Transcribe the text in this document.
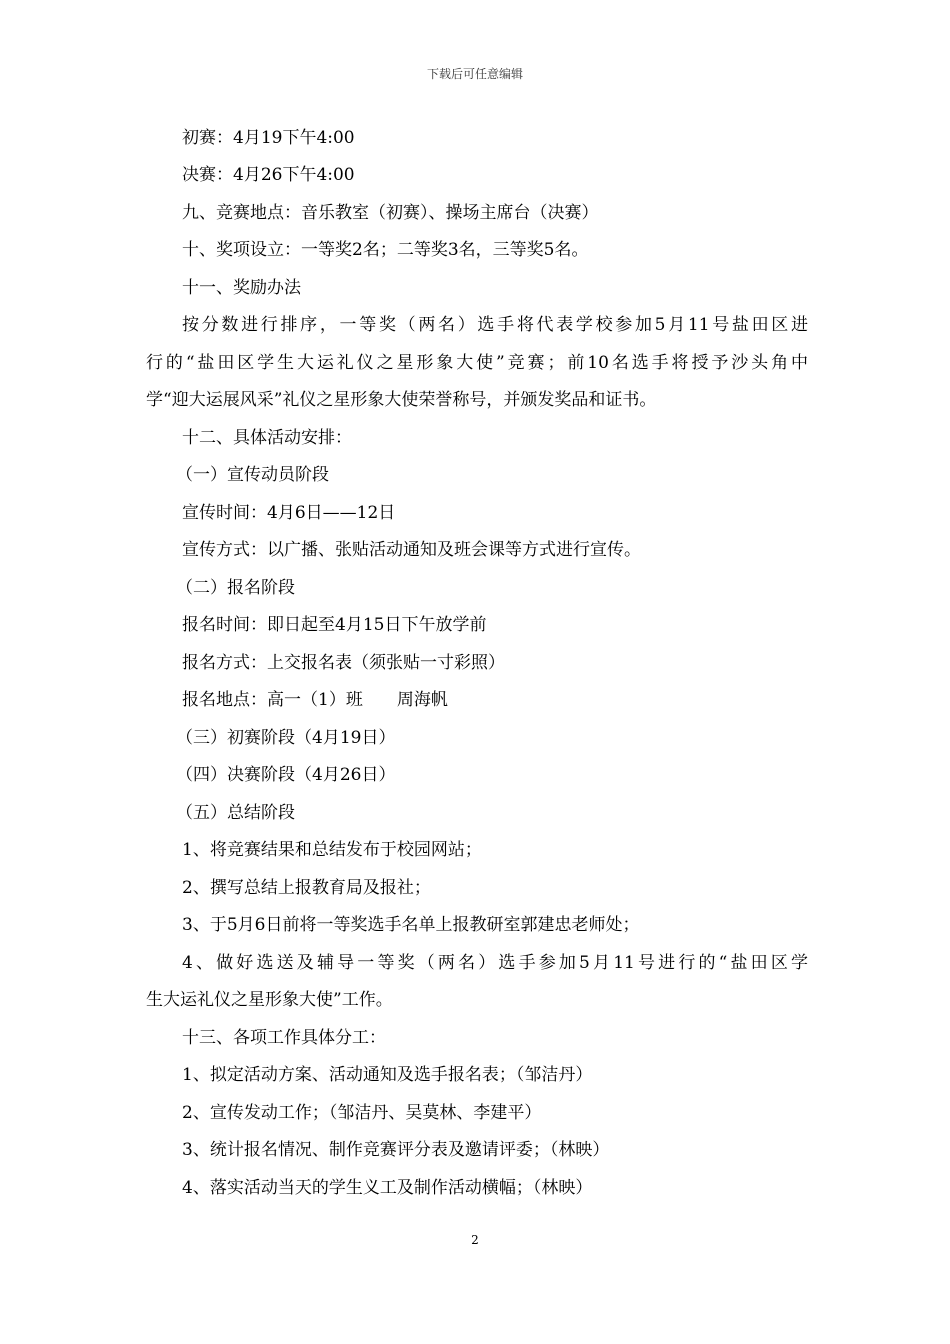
下载后可任意编辑
初赛：4月19下午4:00
决赛：4月26下午4:00
九、竞赛地点：音乐教室（初赛）、操场主席台（决赛）
十、奖项设立：一等奖2名；二等奖3名，三等奖5名。
十一、奖励办法
按分数进行排序，一等奖（两名）选手将代表学校参加5月11号盐田区进
行的“盐田区学生大运礼仪之星形象大使”竞赛；前10名选手将授予沙头角中
学“迎大运展风采”礼仪之星形象大使荣誉称号，并颁发奖品和证书。
十二、具体活动安排：
（一）宣传动员阶段
宣传时间：4月6日——12日
宣传方式：以广播、张贴活动通知及班会课等方式进行宣传。
（二）报名阶段
报名时间：即日起至4月15日下午放学前
报名方式：上交报名表（须张贴一寸彩照）
报名地点：高一（1）班　　周海帆
（三）初赛阶段（4月19日）
（四）决赛阶段（4月26日）
（五）总结阶段
1、将竞赛结果和总结发布于校园网站；
2、撰写总结上报教育局及报社；
3、于5月6日前将一等奖选手名单上报教研室郭建忠老师处；
4、做好选送及辅导一等奖（两名）选手参加5月11号进行的“盐田区学
生大运礼仪之星形象大使”工作。
十三、各项工作具体分工：
1、拟定活动方案、活动通知及选手报名表；（邹洁丹）
2、宣传发动工作；（邹洁丹、吴莫林、李建平）
3、统计报名情况、制作竞赛评分表及邀请评委；（林映）
4、落实活动当天的学生义工及制作活动横幅；（林映）
2
